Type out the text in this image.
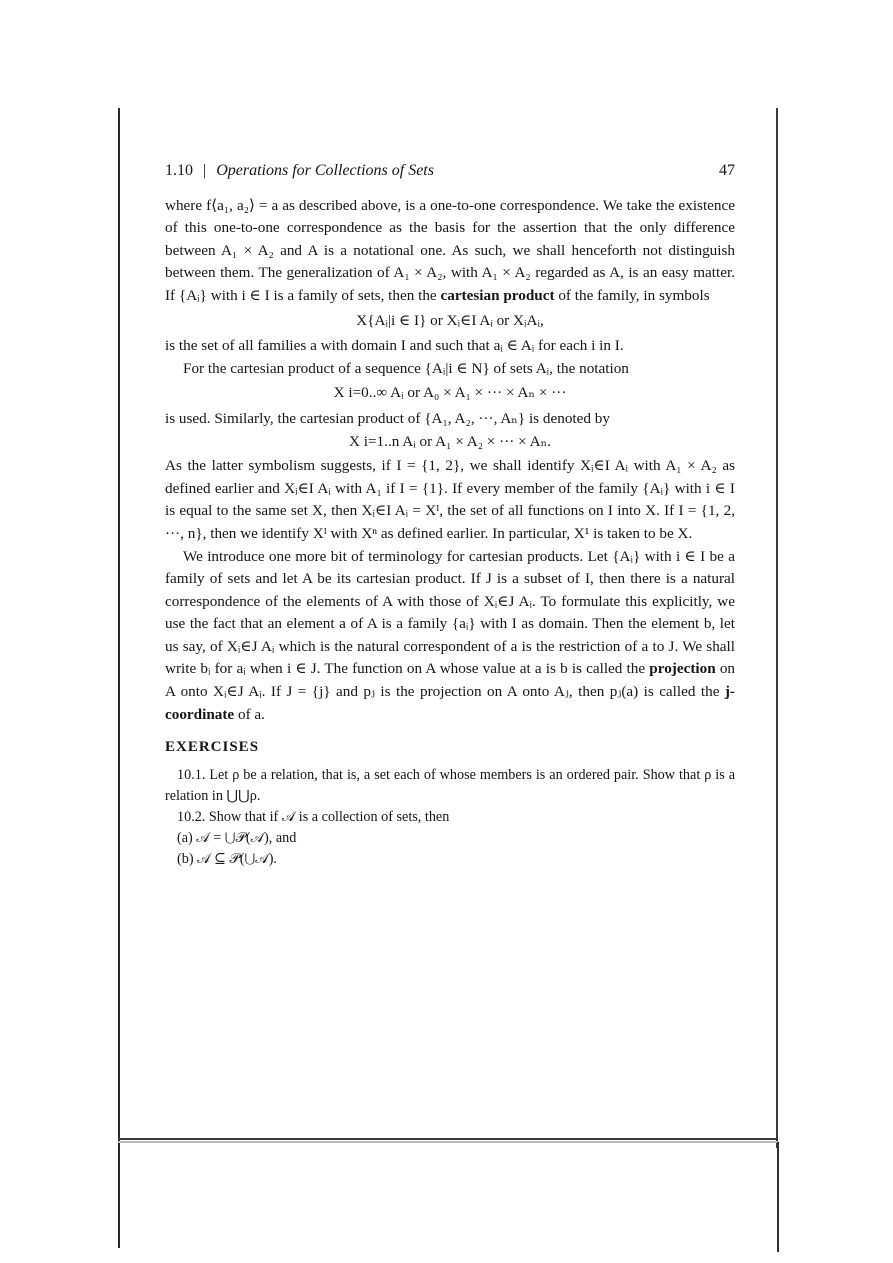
1.10 | Operations for Collections of Sets	47

where f⟨a₁, a₂⟩ = a as described above, is a one-to-one correspondence. We take the existence of this one-to-one correspondence as the basis for the assertion that the only difference between A₁ × A₂ and A is a notational one. As such, we shall henceforth not distinguish between them. The generalization of A₁ × A₂, with A₁ × A₂ regarded as A, is an easy matter. If {Aᵢ} with i ∈ I is a family of sets, then the cartesian product of the family, in symbols

X{Aᵢ|i ∈ I} or Xᵢ∈I Aᵢ or XᵢAᵢ,

is the set of all families a with domain I and such that aᵢ ∈ Aᵢ for each i in I.

For the cartesian product of a sequence {Aᵢ|i ∈ N} of sets Aᵢ, the notation

X i=0..∞ Aᵢ or A₀ × A₁ × ··· × Aₙ × ···

is used. Similarly, the cartesian product of {A₁, A₂, ···, Aₙ} is denoted by

X i=1..n Aᵢ or A₁ × A₂ × ··· × Aₙ.

As the latter symbolism suggests, if I = {1, 2}, we shall identify Xᵢ∈I Aᵢ with A₁ × A₂ as defined earlier and Xᵢ∈I Aᵢ with A₁ if I = {1}. If every member of the family {Aᵢ} with i ∈ I is equal to the same set X, then Xᵢ∈I Aᵢ = Xᴵ, the set of all functions on I into X. If I = {1, 2, ···, n}, then we identify Xᴵ with Xⁿ as defined earlier. In particular, X¹ is taken to be X.

We introduce one more bit of terminology for cartesian products. Let {Aᵢ} with i ∈ I be a family of sets and let A be its cartesian product. If J is a subset of I, then there is a natural correspondence of the elements of A with those of Xᵢ∈J Aᵢ. To formulate this explicitly, we use the fact that an element a of A is a family {aᵢ} with I as domain. Then the element b, let us say, of Xᵢ∈J Aᵢ which is the natural correspondent of a is the restriction of a to J. We shall write bᵢ for aᵢ when i ∈ J. The function on A whose value at a is b is called the projection on A onto Xᵢ∈J Aᵢ. If J = {j} and pⱼ is the projection on A onto Aⱼ, then pⱼ(a) is called the j-coordinate of a.

EXERCISES

10.1. Let ρ be a relation, that is, a set each of whose members is an ordered pair. Show that ρ is a relation in ⋃⋃ρ.

10.2. Show that if 𝒜 is a collection of sets, then

(a) 𝒜 = ⋃𝒫(𝒜), and

(b) 𝒜 ⊆ 𝒫(⋃𝒜).
